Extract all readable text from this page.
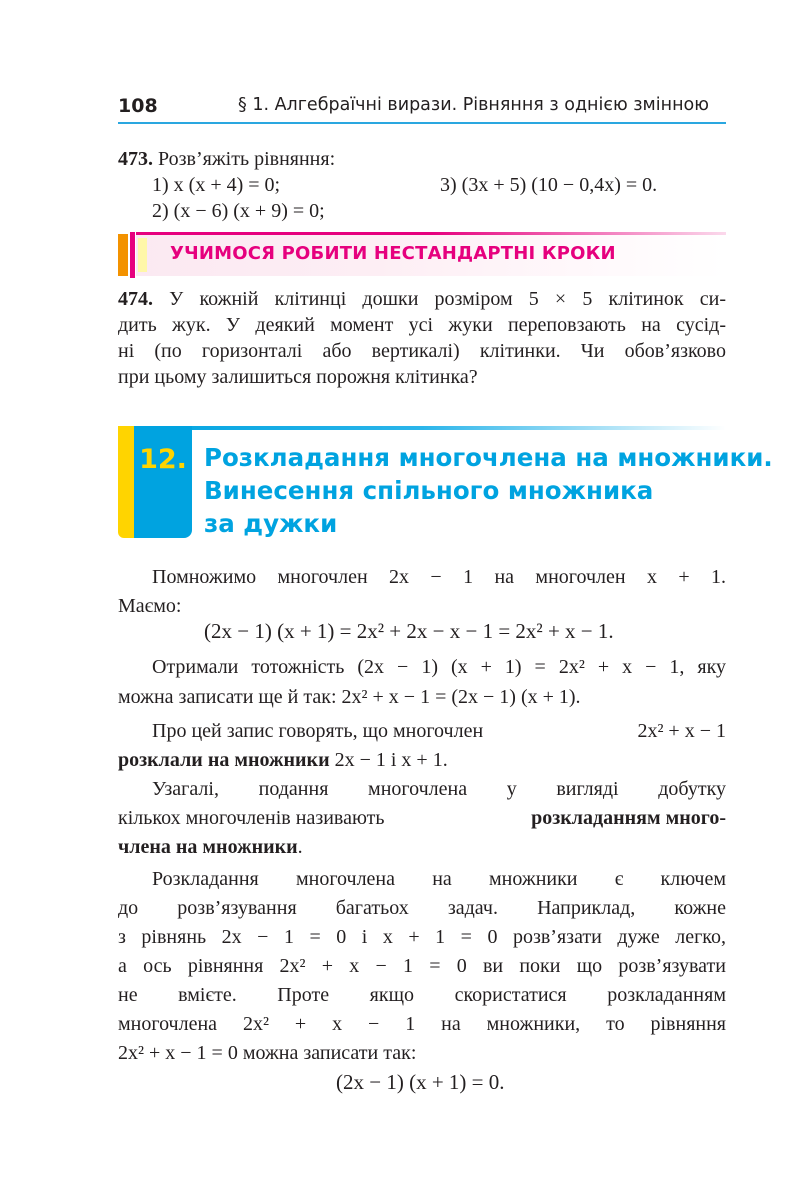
108	§ 1. Алгебраїчні вирази. Рівняння з однією змінною
473. Розв’яжіть рівняння:
1) x (x + 4) = 0;
2) (x − 6) (x + 9) = 0;
3) (3x + 5) (10 − 0,4x) = 0.
УЧИМОСЯ РОБИТИ НЕСТАНДАРТНІ КРОКИ
474. У кожній клітинці дошки розміром 5 × 5 клітинок си-
дить жук. У деякий момент усі жуки переповзають на сусід-
ні (по горизонталі або вертикалі) клітинки. Чи обов’язково
при цьому залишиться порожня клітинка?
12. Розкладання многочлена на множники.
Винесення спільного множника
за дужки
Помножимо многочлен 2x − 1 на многочлен x + 1.
Маємо:
(2x − 1) (x + 1) = 2x² + 2x − x − 1 = 2x² + x − 1.
Отримали тотожність (2x − 1) (x + 1) = 2x² + x − 1, яку
можна записати ще й так: 2x² + x − 1 = (2x − 1) (x + 1).
Про цей запис говорять, що многочлен	2x² + x − 1
розклали на множники 2x − 1 і x + 1.
Узагалі, подання многочлена у вигляді добутку
кількох многочленів називають	розкладанням много-
члена на множники.
Розкладання многочлена на множники є ключем
до розв’язування багатьох задач. Наприклад, кожне
з рівнянь 2x − 1 = 0 і x + 1 = 0 розв’язати дуже легко,
а ось рівняння 2x² + x − 1 = 0 ви поки що розв’язувати
не вмієте. Проте якщо скористатися розкладанням
многочлена 2x² + x − 1 на множники, то рівняння
2x² + x − 1 = 0 можна записати так:
(2x − 1) (x + 1) = 0.
